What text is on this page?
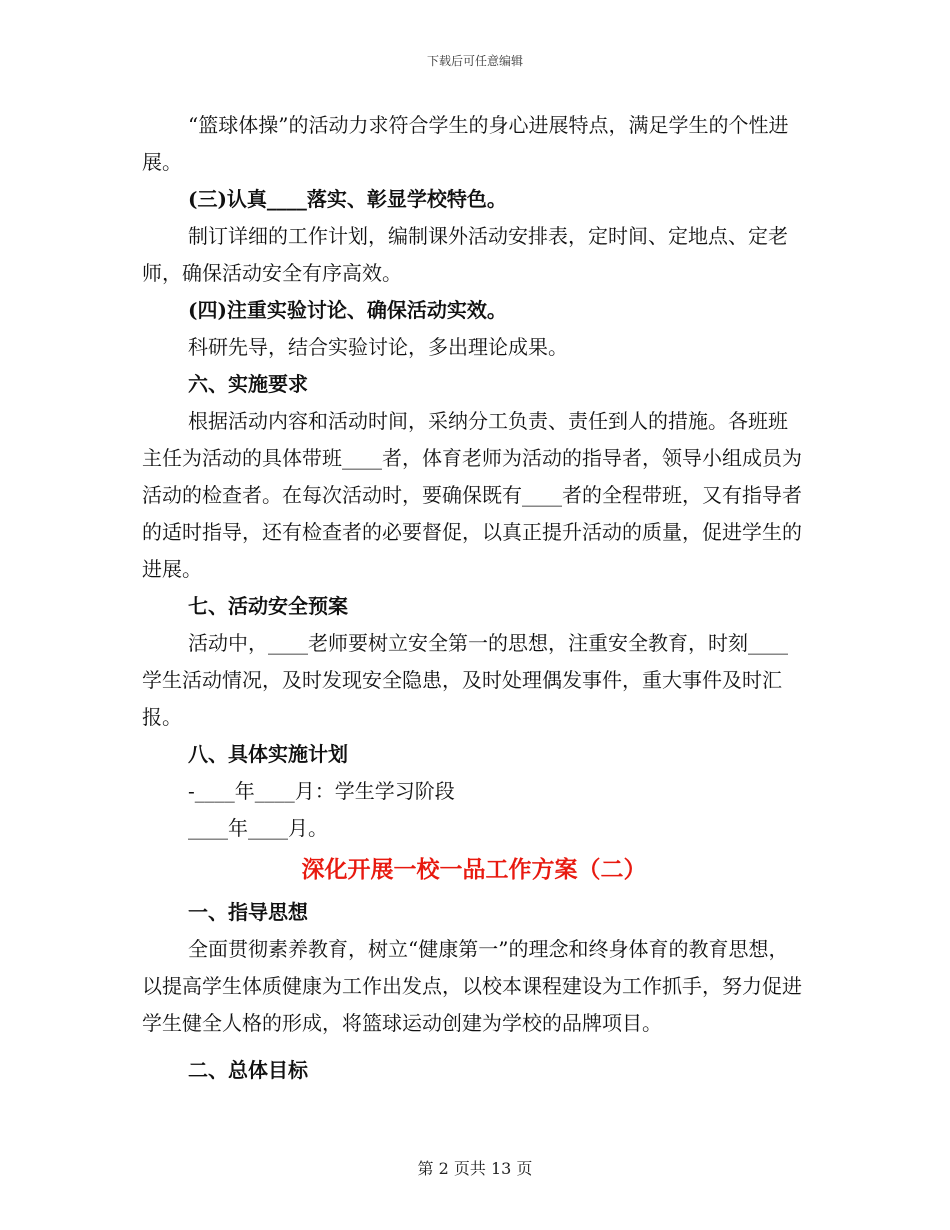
下载后可任意编辑

“篮球体操”的活动力求符合学生的身心进展特点，满足学生的个性进展。

(三)认真____落实、彰显学校特色。

制订详细的工作计划，编制课外活动安排表，定时间、定地点、定老师，确保活动安全有序高效。

(四)注重实验讨论、确保活动实效。

科研先导，结合实验讨论，多出理论成果。

六、实施要求

根据活动内容和活动时间，采纳分工负责、责任到人的措施。各班班主任为活动的具体带班____者，体育老师为活动的指导者，领导小组成员为活动的检查者。在每次活动时，要确保既有____者的全程带班，又有指导者的适时指导，还有检查者的必要督促，以真正提升活动的质量，促进学生的进展。

七、活动安全预案

活动中，____老师要树立安全第一的思想，注重安全教育，时刻____学生活动情况，及时发现安全隐患，及时处理偶发事件，重大事件及时汇报。

八、具体实施计划

-____年____月：学生学习阶段

____年____月。

深化开展一校一品工作方案（二）

一、指导思想

全面贯彻素养教育，树立“健康第一”的理念和终身体育的教育思想，以提高学生体质健康为工作出发点，以校本课程建设为工作抓手，努力促进学生健全人格的形成，将篮球运动创建为学校的品牌项目。

二、总体目标

第 2 页共 13 页
